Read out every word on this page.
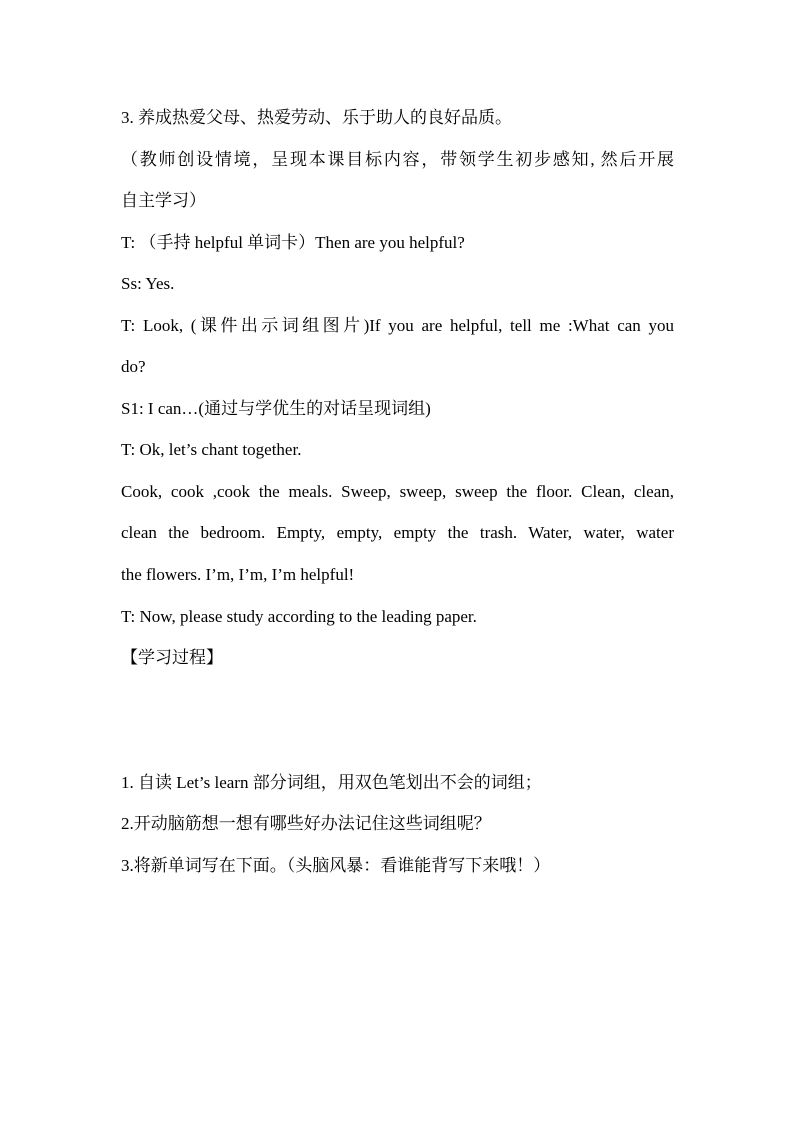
3. 养成热爱父母、热爱劳动、乐于助人的良好品质。
（教师创设情境，呈现本课目标内容，带领学生初步感知, 然后开展
自主学习）
T: （手持 helpful 单词卡）Then are you helpful?
Ss: Yes.
T: Look, (课件出示词组图片)If you are helpful, tell me :What can you
do?
S1: I can…(通过与学优生的对话呈现词组)
T: Ok, let’s chant together.
Cook, cook ,cook the meals. Sweep, sweep, sweep the floor. Clean, clean,
clean the bedroom. Empty, empty, empty the trash. Water, water, water
the flowers. I’m, I’m, I’m helpful!
T: Now, please study according to the leading paper.
【学习过程】
1. 自读 Let’s learn 部分词组，用双色笔划出不会的词组；
2.开动脑筋想一想有哪些好办法记住这些词组呢？
3.将新单词写在下面。（头脑风暴：看谁能背写下来哦！）
